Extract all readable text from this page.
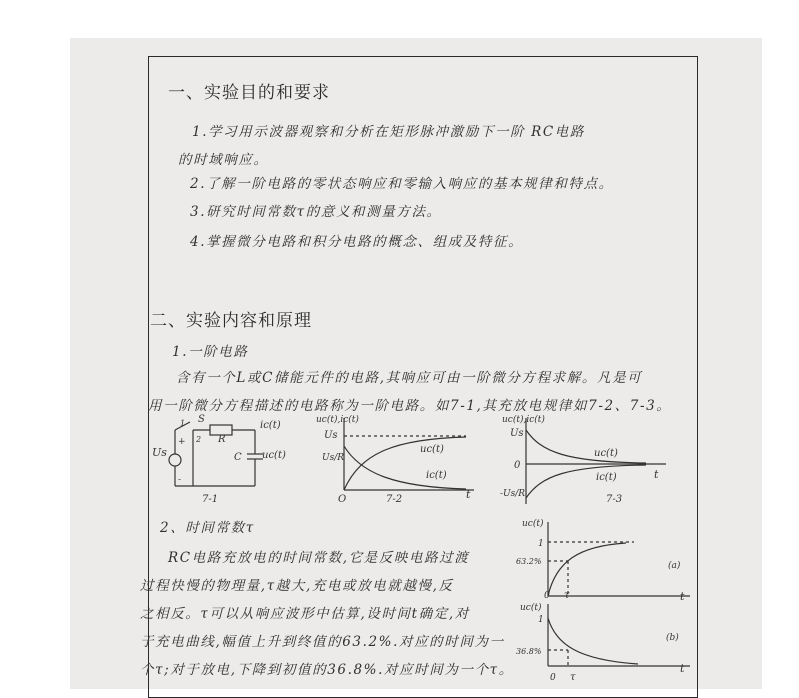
一、实验目的和要求
1.学习用示波器观察和分析在矩形脉冲激励下一阶 RC电路
的时域响应。
2.了解一阶电路的零状态响应和零输入响应的基本规律和特点。
3.研究时间常数τ的意义和测量方法。
4.掌握微分电路和积分电路的概念、组成及特征。
二、实验内容和原理
1.一阶电路
含有一个L或C储能元件的电路,其响应可由一阶微分方程求解。凡是可
用一阶微分方程描述的电路称为一阶电路。如7-1,其充放电规律如7-2、7-3。
Us
S
1
2 R
C
ic(t)
uc(t)
+
-
7-1
uc(t),ic(t)
Us
Us/R
uc(t)
ic(t)
O	t
7-2
uc(t),ic(t)
Us
0
-Us/R
uc(t)
ic(t)	t
7-3
2、时间常数τ
RC电路充放电的时间常数,它是反映电路过渡
过程快慢的物理量,τ越大,充电或放电就越慢,反
之相反。τ可以从响应波形中估算,设时间t确定,对
于充电曲线,幅值上升到终值的63.2%.对应的时间为一
个τ;对于放电,下降到初值的36.8%.对应时间为一个τ。
uc(t)
1
63.2%
0 τ	t
(a)
uc(t)
1
36.8%
0 τ
t
(b)
